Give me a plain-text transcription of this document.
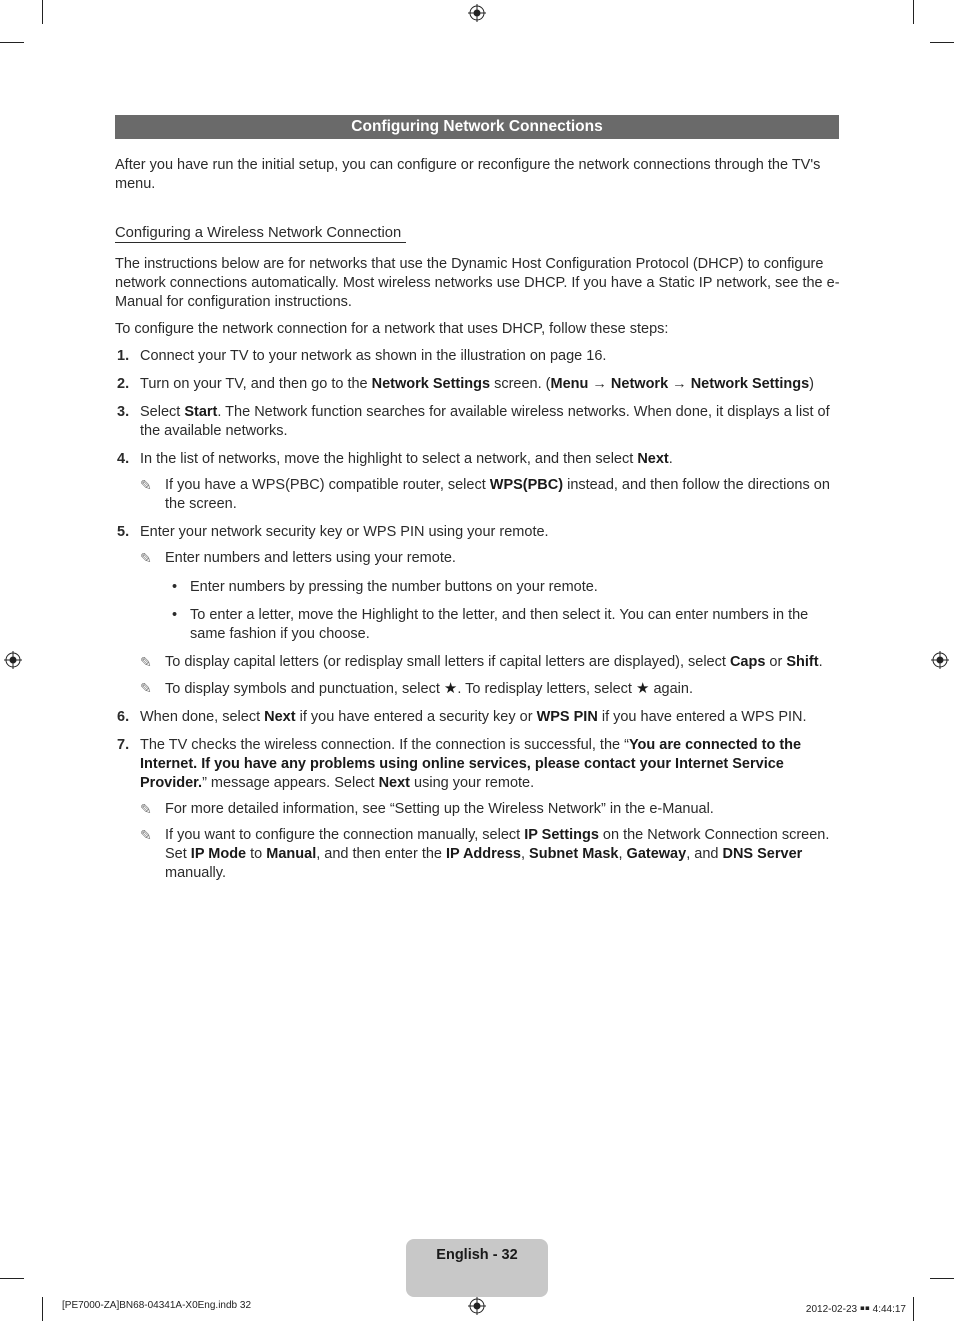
Configuring Network Connections

After you have run the initial setup, you can configure or reconfigure the network connections through the TV's menu.

Configuring a Wireless Network Connection

The instructions below are for networks that use the Dynamic Host Configuration Protocol (DHCP) to configure network connections automatically. Most wireless networks use DHCP. If you have a Static IP network, see the e-Manual for configuration instructions.

To configure the network connection for a network that uses DHCP, follow these steps:

1. Connect your TV to your network as shown in the illustration on page 16.
2. Turn on your TV, and then go to the Network Settings screen. (Menu → Network → Network Settings)
3. Select Start. The Network function searches for available wireless networks. When done, it displays a list of the available networks.
4. In the list of networks, move the highlight to select a network, and then select Next.
✎ If you have a WPS(PBC) compatible router, select WPS(PBC) instead, and then follow the directions on the screen.
5. Enter your network security key or WPS PIN using your remote.
✎ Enter numbers and letters using your remote.
• Enter numbers by pressing the number buttons on your remote.
• To enter a letter, move the Highlight to the letter, and then select it. You can enter numbers in the same fashion if you choose.
✎ To display capital letters (or redisplay small letters if capital letters are displayed), select Caps or Shift.
✎ To display symbols and punctuation, select ★. To redisplay letters, select ★ again.
6. When done, select Next if you have entered a security key or WPS PIN if you have entered a WPS PIN.
7. The TV checks the wireless connection. If the connection is successful, the “You are connected to the Internet. If you have any problems using online services, please contact your Internet Service Provider.” message appears. Select Next using your remote.
✎ For more detailed information, see “Setting up the Wireless Network” in the e-Manual.
✎ If you want to configure the connection manually, select IP Settings on the Network Connection screen. Set IP Mode to Manual, and then enter the IP Address, Subnet Mask, Gateway, and DNS Server manually.
English - 32
[PE7000-ZA]BN68-04341A-X0Eng.indb 32	2012-02-23 ￭￭ 4:44:17
